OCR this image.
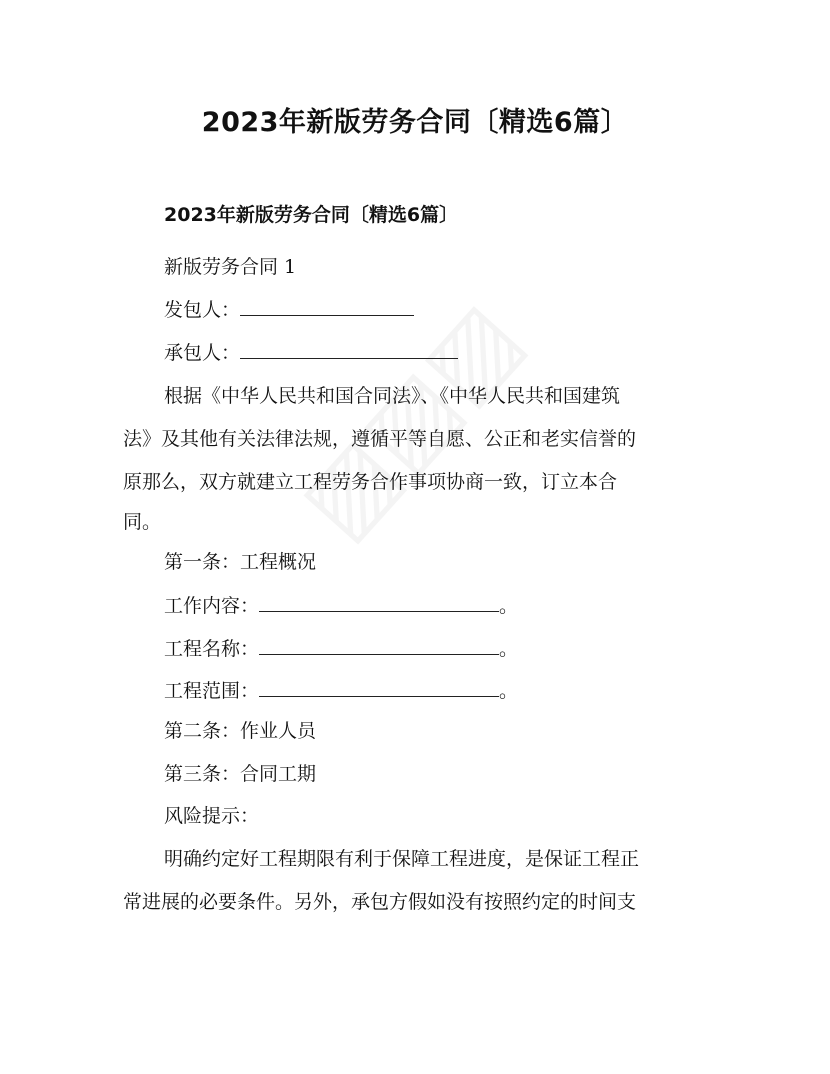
2023年新版劳务合同〔精选6篇〕
2023年新版劳务合同〔精选6篇〕

新版劳务合同 1

发包人：

承包人：

根据《中华人民共和国合同法》、《中华人民共和国建筑

法》及其他有关法律法规，遵循平等自愿、公正和老实信誉的

原那么，双方就建立工程劳务合作事项协商一致，订立本合

同。

第一条：工程概况

工作内容：	。

工程名称：	。

工程范围：	。

第二条：作业人员

第三条：合同工期

风险提示：

明确约定好工程期限有利于保障工程进度，是保证工程正

常进展的必要条件。另外，承包方假如没有按照约定的时间支
